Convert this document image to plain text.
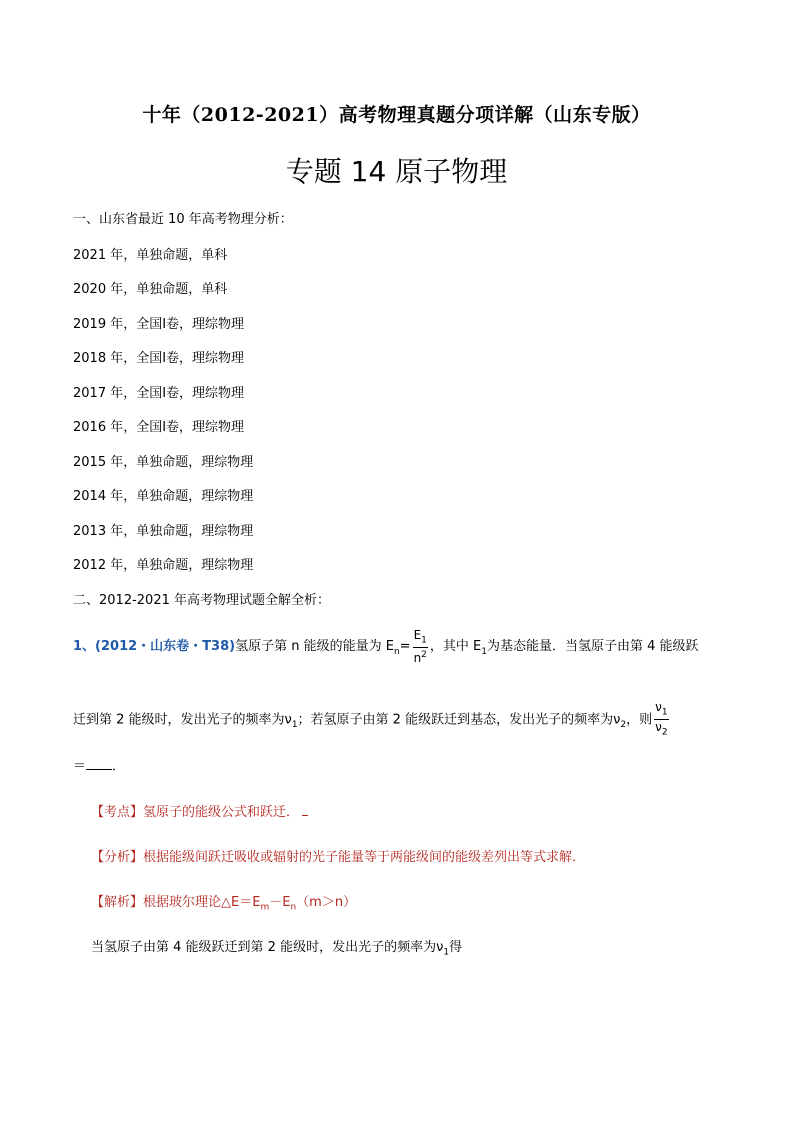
十年（2012-2021）高考物理真题分项详解（山东专版）
专题 14 原子物理
一、山东省最近 10 年高考物理分析：
2021 年，单独命题，单科
2020 年，单独命题，单科
2019 年，全国Ⅰ卷，理综物理
2018 年，全国Ⅰ卷，理综物理
2017 年，全国Ⅰ卷，理综物理
2016 年，全国Ⅰ卷，理综物理
2015 年，单独命题，理综物理
2014 年，单独命题，理综物理
2013 年，单独命题，理综物理
2012 年，单独命题，理综物理
二、2012-2021 年高考物理试题全解全析：
1、(2012・山东卷・T38)氢原子第 n 能级的能量为 $E_n= \frac{E_1}{n^2}$ ，其中 $E_1$为基态能量．当氢原子由第 4 能级跃
迁到第 2 能级时，发出光子的频率为$\nu_1$；若氢原子由第 2 能级跃迁到基态，发出光子的频率为$\nu_2$，则 $\frac{\nu_1}{\nu_2}$
＝ ．
【考点】氢原子的能级公式和跃迁．
【分析】根据能级间跃迁吸收或辐射的光子能量等于两能级间的能级差列出等式求解．
【解析】根据玻尔理论$\triangle E=E_m-E_n(m>n)$
当氢原子由第 4 能级跃迁到第 2 能级时，发出光子的频率为$\nu_1$得
